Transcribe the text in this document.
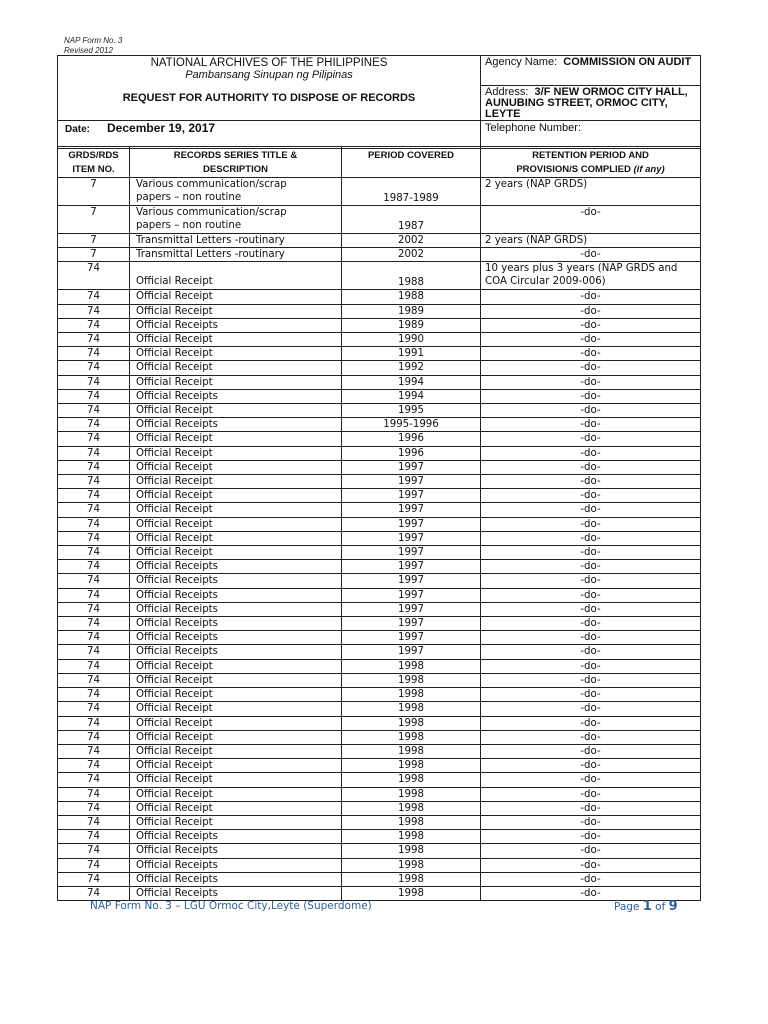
NAP Form No. 3
Revised 2012
NATIONAL ARCHIVES OF THE PHILIPPINES
Pambansang Sinupan ng Pilipinas
REQUEST FOR AUTHORITY TO DISPOSE OF RECORDS	Agency Name: COMMISSION ON AUDIT

	Address: 3/F NEW ORMOC CITY HALL, AUNUBING STREET, ORMOC CITY, LEYTE

Date: December 19, 2017	Telephone Number:
GRDS/RDS
ITEM NO.	RECORDS SERIES TITLE &
DESCRIPTION	PERIOD COVERED	RETENTION PERIOD AND
PROVISION/S COMPLIED (if any)

7	Various communication/scrap
papers – non routine	1987-1989	2 years (NAP GRDS)

7	Various communication/scrap
papers – non routine	1987	-do-

7	Transmittal Letters -routinary	2002	2 years (NAP GRDS)
7	Transmittal Letters -routinary	2002	-do-

74	Official Receipt	1988	10 years plus 3 years (NAP GRDS and
COA Circular 2009-006)

74	Official Receipt	1988	-do-
74	Official Receipt	1989	-do-
74	Official Receipts	1989	-do-
74	Official Receipt	1990	-do-
74	Official Receipt	1991	-do-
74	Official Receipt	1992	-do-
74	Official Receipt	1994	-do-
74	Official Receipts	1994	-do-
74	Official Receipt	1995	-do-
74	Official Receipts	1995-1996	-do-
74	Official Receipt	1996	-do-
74	Official Receipt	1996	-do-
74	Official Receipt	1997	-do-
74	Official Receipt	1997	-do-
74	Official Receipt	1997	-do-
74	Official Receipt	1997	-do-
74	Official Receipt	1997	-do-
74	Official Receipt	1997	-do-
74	Official Receipt	1997	-do-
74	Official Receipts	1997	-do-
74	Official Receipts	1997	-do-
74	Official Receipts	1997	-do-
74	Official Receipts	1997	-do-
74	Official Receipts	1997	-do-
74	Official Receipts	1997	-do-
74	Official Receipts	1997	-do-
74	Official Receipt	1998	-do-
74	Official Receipt	1998	-do-
74	Official Receipt	1998	-do-
74	Official Receipt	1998	-do-
74	Official Receipt	1998	-do-
74	Official Receipt	1998	-do-
74	Official Receipt	1998	-do-
74	Official Receipt	1998	-do-
74	Official Receipt	1998	-do-
74	Official Receipt	1998	-do-
74	Official Receipt	1998	-do-
74	Official Receipt	1998	-do-
74	Official Receipts	1998	-do-
74	Official Receipts	1998	-do-
74	Official Receipts	1998	-do-
74	Official Receipts	1998	-do-
74	Official Receipts	1998	-do-
NAP Form No. 3 – LGU Ormoc City,Leyte (Superdome)	Page 1 of 9
